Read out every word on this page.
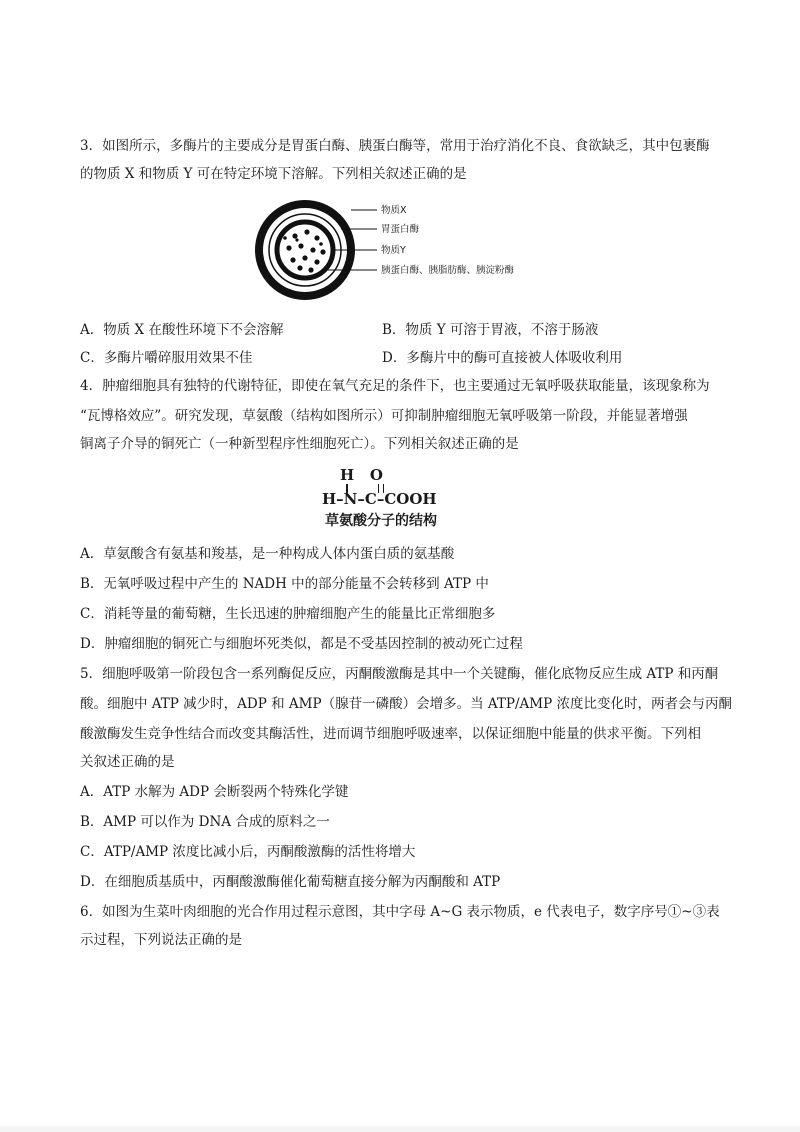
3．如图所示，多酶片的主要成分是胃蛋白酶、胰蛋白酶等，常用于治疗消化不良、食欲缺乏，其中包裹酶
的物质 X 和物质 Y 可在特定环境下溶解。下列相关叙述正确的是
物质X
胃蛋白酶
物质Y
胰蛋白酶、胰脂肪酶、胰淀粉酶
A．物质 X 在酸性环境下不会溶解	B．物质 Y 可溶于胃液，不溶于肠液
C．多酶片嚼碎服用效果不佳	D．多酶片中的酶可直接被人体吸收利用
4．肿瘤细胞具有独特的代谢特征，即使在氧气充足的条件下，也主要通过无氧呼吸获取能量，该现象称为
“瓦博格效应”。研究发现，草氨酸（结构如图所示）可抑制肿瘤细胞无氧呼吸第一阶段，并能显著增强
铜离子介导的铜死亡（一种新型程序性细胞死亡）。下列相关叙述正确的是
H   O
H–N–C–COOH
草氨酸分子的结构
A．草氨酸含有氨基和羧基，是一种构成人体内蛋白质的氨基酸
B．无氧呼吸过程中产生的 NADH 中的部分能量不会转移到 ATP 中
C．消耗等量的葡萄糖，生长迅速的肿瘤细胞产生的能量比正常细胞多
D．肿瘤细胞的铜死亡与细胞坏死类似，都是不受基因控制的被动死亡过程
5．细胞呼吸第一阶段包含一系列酶促反应，丙酮酸激酶是其中一个关键酶，催化底物反应生成 ATP 和丙酮
酸。细胞中 ATP 减少时，ADP 和 AMP（腺苷一磷酸）会增多。当 ATP/AMP 浓度比变化时，两者会与丙酮
酸激酶发生竞争性结合而改变其酶活性，进而调节细胞呼吸速率，以保证细胞中能量的供求平衡。下列相
关叙述正确的是
A．ATP 水解为 ADP 会断裂两个特殊化学键
B．AMP 可以作为 DNA 合成的原料之一
C．ATP/AMP 浓度比减小后，丙酮酸激酶的活性将增大
D．在细胞质基质中，丙酮酸激酶催化葡萄糖直接分解为丙酮酸和 ATP
6．如图为生菜叶肉细胞的光合作用过程示意图，其中字母 A~G 表示物质，e 代表电子，数字序号①~③表
示过程，下列说法正确的是
